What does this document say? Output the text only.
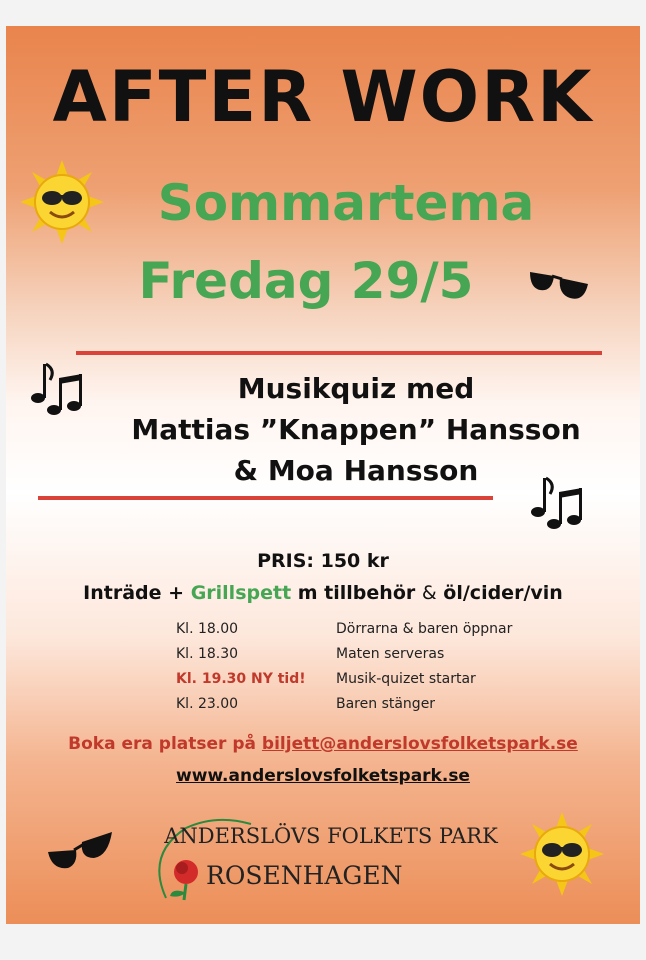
AFTER WORK
Sommartema
Fredag 29/5
Musikquiz med
Mattias ”Knappen” Hansson
& Moa Hansson
PRIS: 150 kr
Inträde + Grillspett m tillbehör & öl/cider/vin
Kl. 18.00	Dörrarna & baren öppnar
Kl. 18.30	Maten serveras
Kl. 19.30 NY tid!	Musik-quizet startar
Kl. 23.00	Baren stänger
Boka era platser på biljett@anderslovsfolketspark.se
www.anderslovsfolketspark.se
ANDERSLÖVS FOLKETS PARK
ROSENHAGEN
